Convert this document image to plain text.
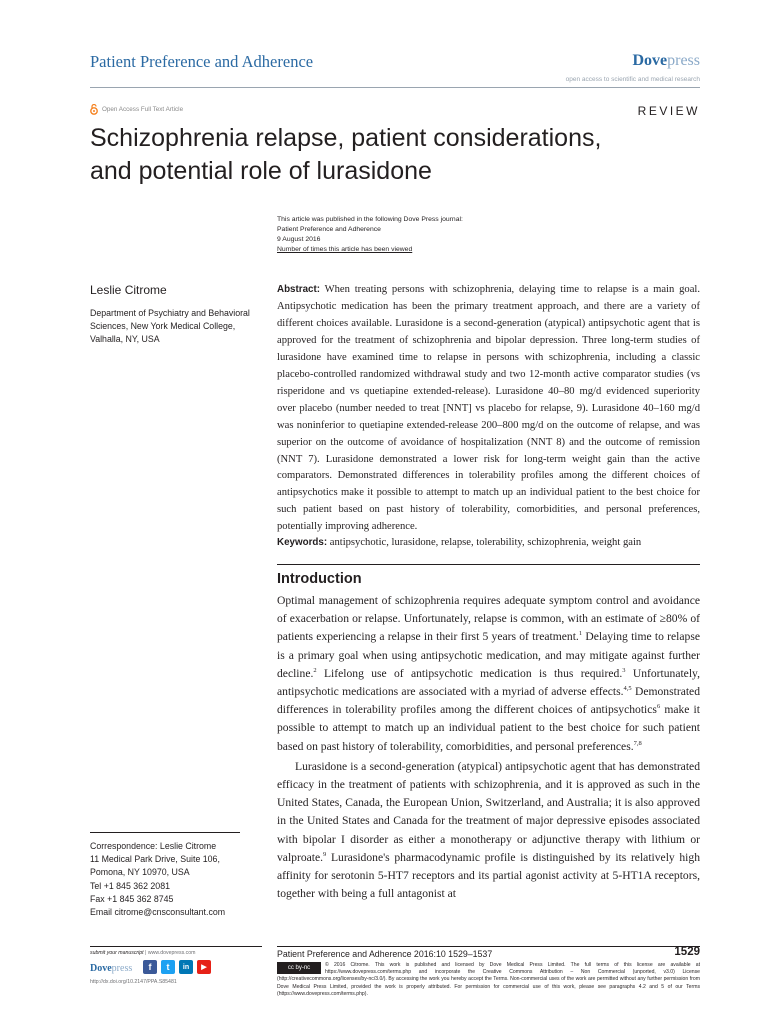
Patient Preference and Adherence	Dovepress
open access to scientific and medical research
Open Access Full Text Article	REVIEW
Schizophrenia relapse, patient considerations,
and potential role of lurasidone
This article was published in the following Dove Press journal:
Patient Preference and Adherence
9 August 2016
Number of times this article has been viewed
Leslie Citrome
Department of Psychiatry and Behavioral Sciences, New York Medical College, Valhalla, NY, USA
Abstract: When treating persons with schizophrenia, delaying time to relapse is a main goal. Antipsychotic medication has been the primary treatment approach, and there are a variety of different choices available. Lurasidone is a second-generation (atypical) antipsychotic agent that is approved for the treatment of schizophrenia and bipolar depression. Three long-term studies of lurasidone have examined time to relapse in persons with schizophrenia, including a classic placebo-controlled randomized withdrawal study and two 12-month active comparator studies (vs risperidone and vs quetiapine extended-release). Lurasidone 40–80 mg/d evidenced superiority over placebo (number needed to treat [NNT] vs placebo for relapse, 9). Lurasidone 40–160 mg/d was noninferior to quetiapine extended-release 200–800 mg/d on the outcome of relapse, and was superior on the outcome of avoidance of hospitalization (NNT 8) and the outcome of remission (NNT 7). Lurasidone demonstrated a lower risk for long-term weight gain than the active comparators. Demonstrated differences in tolerability profiles among the different choices of antipsychotics make it possible to attempt to match up an individual patient to the best choice for such patient based on past history of tolerability, comorbidities, and personal preferences, potentially improving adherence.
Keywords: antipsychotic, lurasidone, relapse, tolerability, schizophrenia, weight gain
Introduction

Optimal management of schizophrenia requires adequate symptom control and avoidance of exacerbation or relapse. Unfortunately, relapse is common, with an estimate of ≥80% of patients experiencing a relapse in their first 5 years of treatment.$^1$ Delaying time to relapse is a primary goal when using antipsychotic medication, and may mitigate against further decline.$^2$ Lifelong use of antipsychotic medication is thus required.$^3$ Unfortunately, antipsychotic medications are associated with a myriad of adverse effects.$^{4,5}$ Demonstrated differences in tolerability profiles among the different choices of antipsychotics$^6$ make it possible to attempt to match up an individual patient to the best choice for such patient based on past history of tolerability, comorbidities, and personal preferences.$^{7,8}$

Lurasidone is a second-generation (atypical) antipsychotic agent that has demonstrated efficacy in the treatment of patients with schizophrenia, and it is approved as such in the United States, Canada, the European Union, Switzerland, and Australia; it is also approved in the United States and Canada for the treatment of major depressive episodes associated with bipolar I disorder as either a monotherapy or adjunctive therapy with lithium or valproate.$^9$ Lurasidone's pharmacodynamic profile is distinguished by its relatively high affinity for serotonin 5-HT7 receptors and its partial agonist activity at 5-HT1A receptors, together with being a full antagonist at

Correspondence: Leslie Citrome
11 Medical Park Drive, Suite 106,
Pomona, NY 10970, USA
Tel +1 845 362 2081
Fax +1 845 362 8745
Email citrome@cnsconsultant.com
submit your manuscript | www.dovepress.com
Dovepress	f	t	in	▶
http://dx.doi.org/10.2147/PPA.S85481
Patient Preference and Adherence 2016:10 1529–1537	1529
cc by-nc	© 2016 Citrome. This work is published and licensed by Dove Medical Press Limited. The full terms of this license are available at https://www.dovepress.com/terms.php and incorporate the Creative Commons Attribution – Non Commercial (unported, v3.0) License (http://creativecommons.org/licenses/by-nc/3.0/). By accessing the work you hereby accept the Terms. Non-commercial uses of the work are permitted without any further permission from Dove Medical Press Limited, provided the work is properly attributed. For permission for commercial use of this work, please see paragraphs 4.2 and 5 of our Terms (https://www.dovepress.com/terms.php).
